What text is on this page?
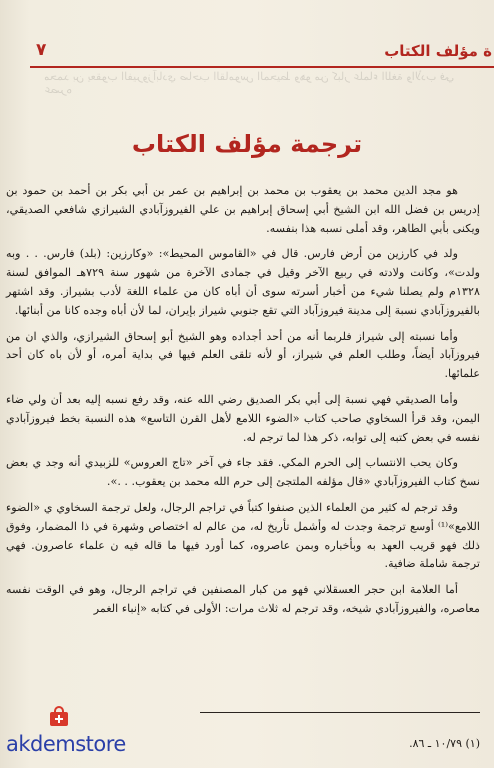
ة مؤلف الكتاب
٧
محمد بن يعقوب الفيروزآبادي صاحب القاموس المحيط وهو من كبار علماء اللغة والأدب في عصره
ترجمة مؤلف الكتاب

هو مجد الدين محمد بن يعقوب بن محمد بن إبراهيم بن عمر بن أبي بكر بن أحمد بن حمود بن إدريس بن فضل الله ابن الشيخ أبي إسحاق إبراهيم بن علي الفيروزآبادي الشيرازي شافعي الصديقي، ويكنى بأبي الطاهر، وقد أملى نسبه هذا بنفسه.

ولد في كارزين من أرض فارس. قال في «القاموس المحيط»: «وكارزين: (بلد) فارس. . . وبه ولدت»، وكانت ولادته في ربيع الآخر وقيل في جمادى الآخرة من شهور سنة ٧٢٩هـ الموافق لسنة ١٣٢٨م ولم يصلنا شيء من أخبار أسرته سوى أن أباه كان من علماء اللغة لأدب بشيراز. وقد اشتهر بالفيروزآبادي نسبة إلى مدينة فيروزآباد التي تقع جنوبي شيراز بإيران، لما لأن أباه وجده كانا من أبنائها.

وأما نسبته إلى شيراز فلربما أنه من أحد أجداده وهو الشيخ أبو إسحاق الشيرازي، والذي ان من فيروزآباد أيضاً، وطلب العلم في شيراز، أو لأنه تلقى العلم فيها في بداية أمره، أو لأن باه كان أحد علمائها.

وأما الصديقي فهي نسبة إلى أبي بكر الصديق رضي الله عنه، وقد رفع نسبه إليه بعد أن ولي ضاء اليمن، وقد قرأ السخاوي صاحب كتاب «الضوء اللامع لأهل القرن التاسع» هذه النسبة بخط فيروزآبادي نفسه في بعض كتبه إلى توابه، ذكر هذا لما ترجم له.

وكان يحب الانتساب إلى الحرم المكي. فقد جاء في آخر «تاج العروس» للزبيدي أنه وجد ي بعض نسخ كتاب الفيروزآبادي «قال مؤلفه الملتجئ إلى حرم الله محمد بن يعقوب. . .».

وقد ترجم له كثير من العلماء الذين صنفوا كتباً في تراجم الرجال، ولعل ترجمة السخاوي ي «الضوء اللامع»⁽¹⁾ أوسع ترجمة وجدت له وأشمل تأريخ له، من عالم له اختصاص وشهرة في ذا المضمار، وفوق ذلك فهو قريب العهد به وبأخباره وبمن عاصروه، كما أورد فيها ما قاله فيه ن علماء عاصرون. فهي ترجمة شاملة ضافية.

أما العلامة ابن حجر العسقلاني فهو من كبار المصنفين في تراجم الرجال، وهو في الوقت نفسه معاصره، والفيروزآبادي شيخه، وقد ترجم له ثلاث مرات: الأولى في كتابه «إنباء الغمر

(١) ١٠/٧٩ ـ ٨٦.
akdemstore
